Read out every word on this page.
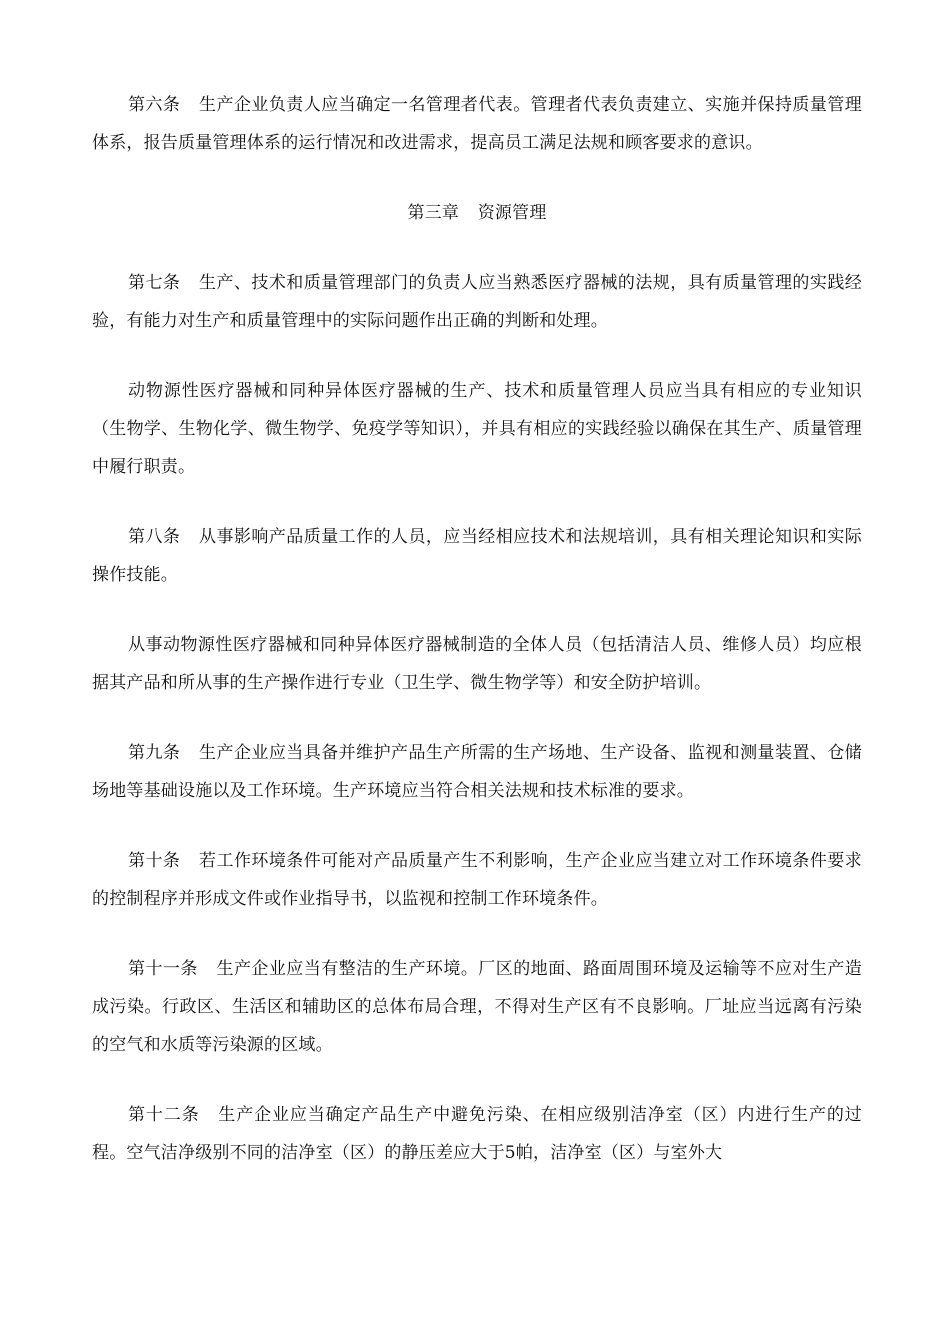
第六条 生产企业负责人应当确定一名管理者代表。管理者代表负责建立、实施并保持质量管理体系，报告质量管理体系的运行情况和改进需求，提高员工满足法规和顾客要求的意识。

第三章 资源管理

第七条 生产、技术和质量管理部门的负责人应当熟悉医疗器械的法规，具有质量管理的实践经验，有能力对生产和质量管理中的实际问题作出正确的判断和处理。

动物源性医疗器械和同种异体医疗器械的生产、技术和质量管理人员应当具有相应的专业知识（生物学、生物化学、微生物学、免疫学等知识），并具有相应的实践经验以确保在其生产、质量管理中履行职责。

第八条 从事影响产品质量工作的人员，应当经相应技术和法规培训，具有相关理论知识和实际操作技能。

从事动物源性医疗器械和同种异体医疗器械制造的全体人员（包括清洁人员、维修人员）均应根据其产品和所从事的生产操作进行专业（卫生学、微生物学等）和安全防护培训。

第九条 生产企业应当具备并维护产品生产所需的生产场地、生产设备、监视和测量装置、仓储场地等基础设施以及工作环境。生产环境应当符合相关法规和技术标准的要求。

第十条 若工作环境条件可能对产品质量产生不利影响，生产企业应当建立对工作环境条件要求的控制程序并形成文件或作业指导书，以监视和控制工作环境条件。

第十一条 生产企业应当有整洁的生产环境。厂区的地面、路面周围环境及运输等不应对生产造成污染。行政区、生活区和辅助区的总体布局合理，不得对生产区有不良影响。厂址应当远离有污染的空气和水质等污染源的区域。

第十二条 生产企业应当确定产品生产中避免污染、在相应级别洁净室（区）内进行生产的过程。空气洁净级别不同的洁净室（区）的静压差应大于5帕，洁净室（区）与室外大
